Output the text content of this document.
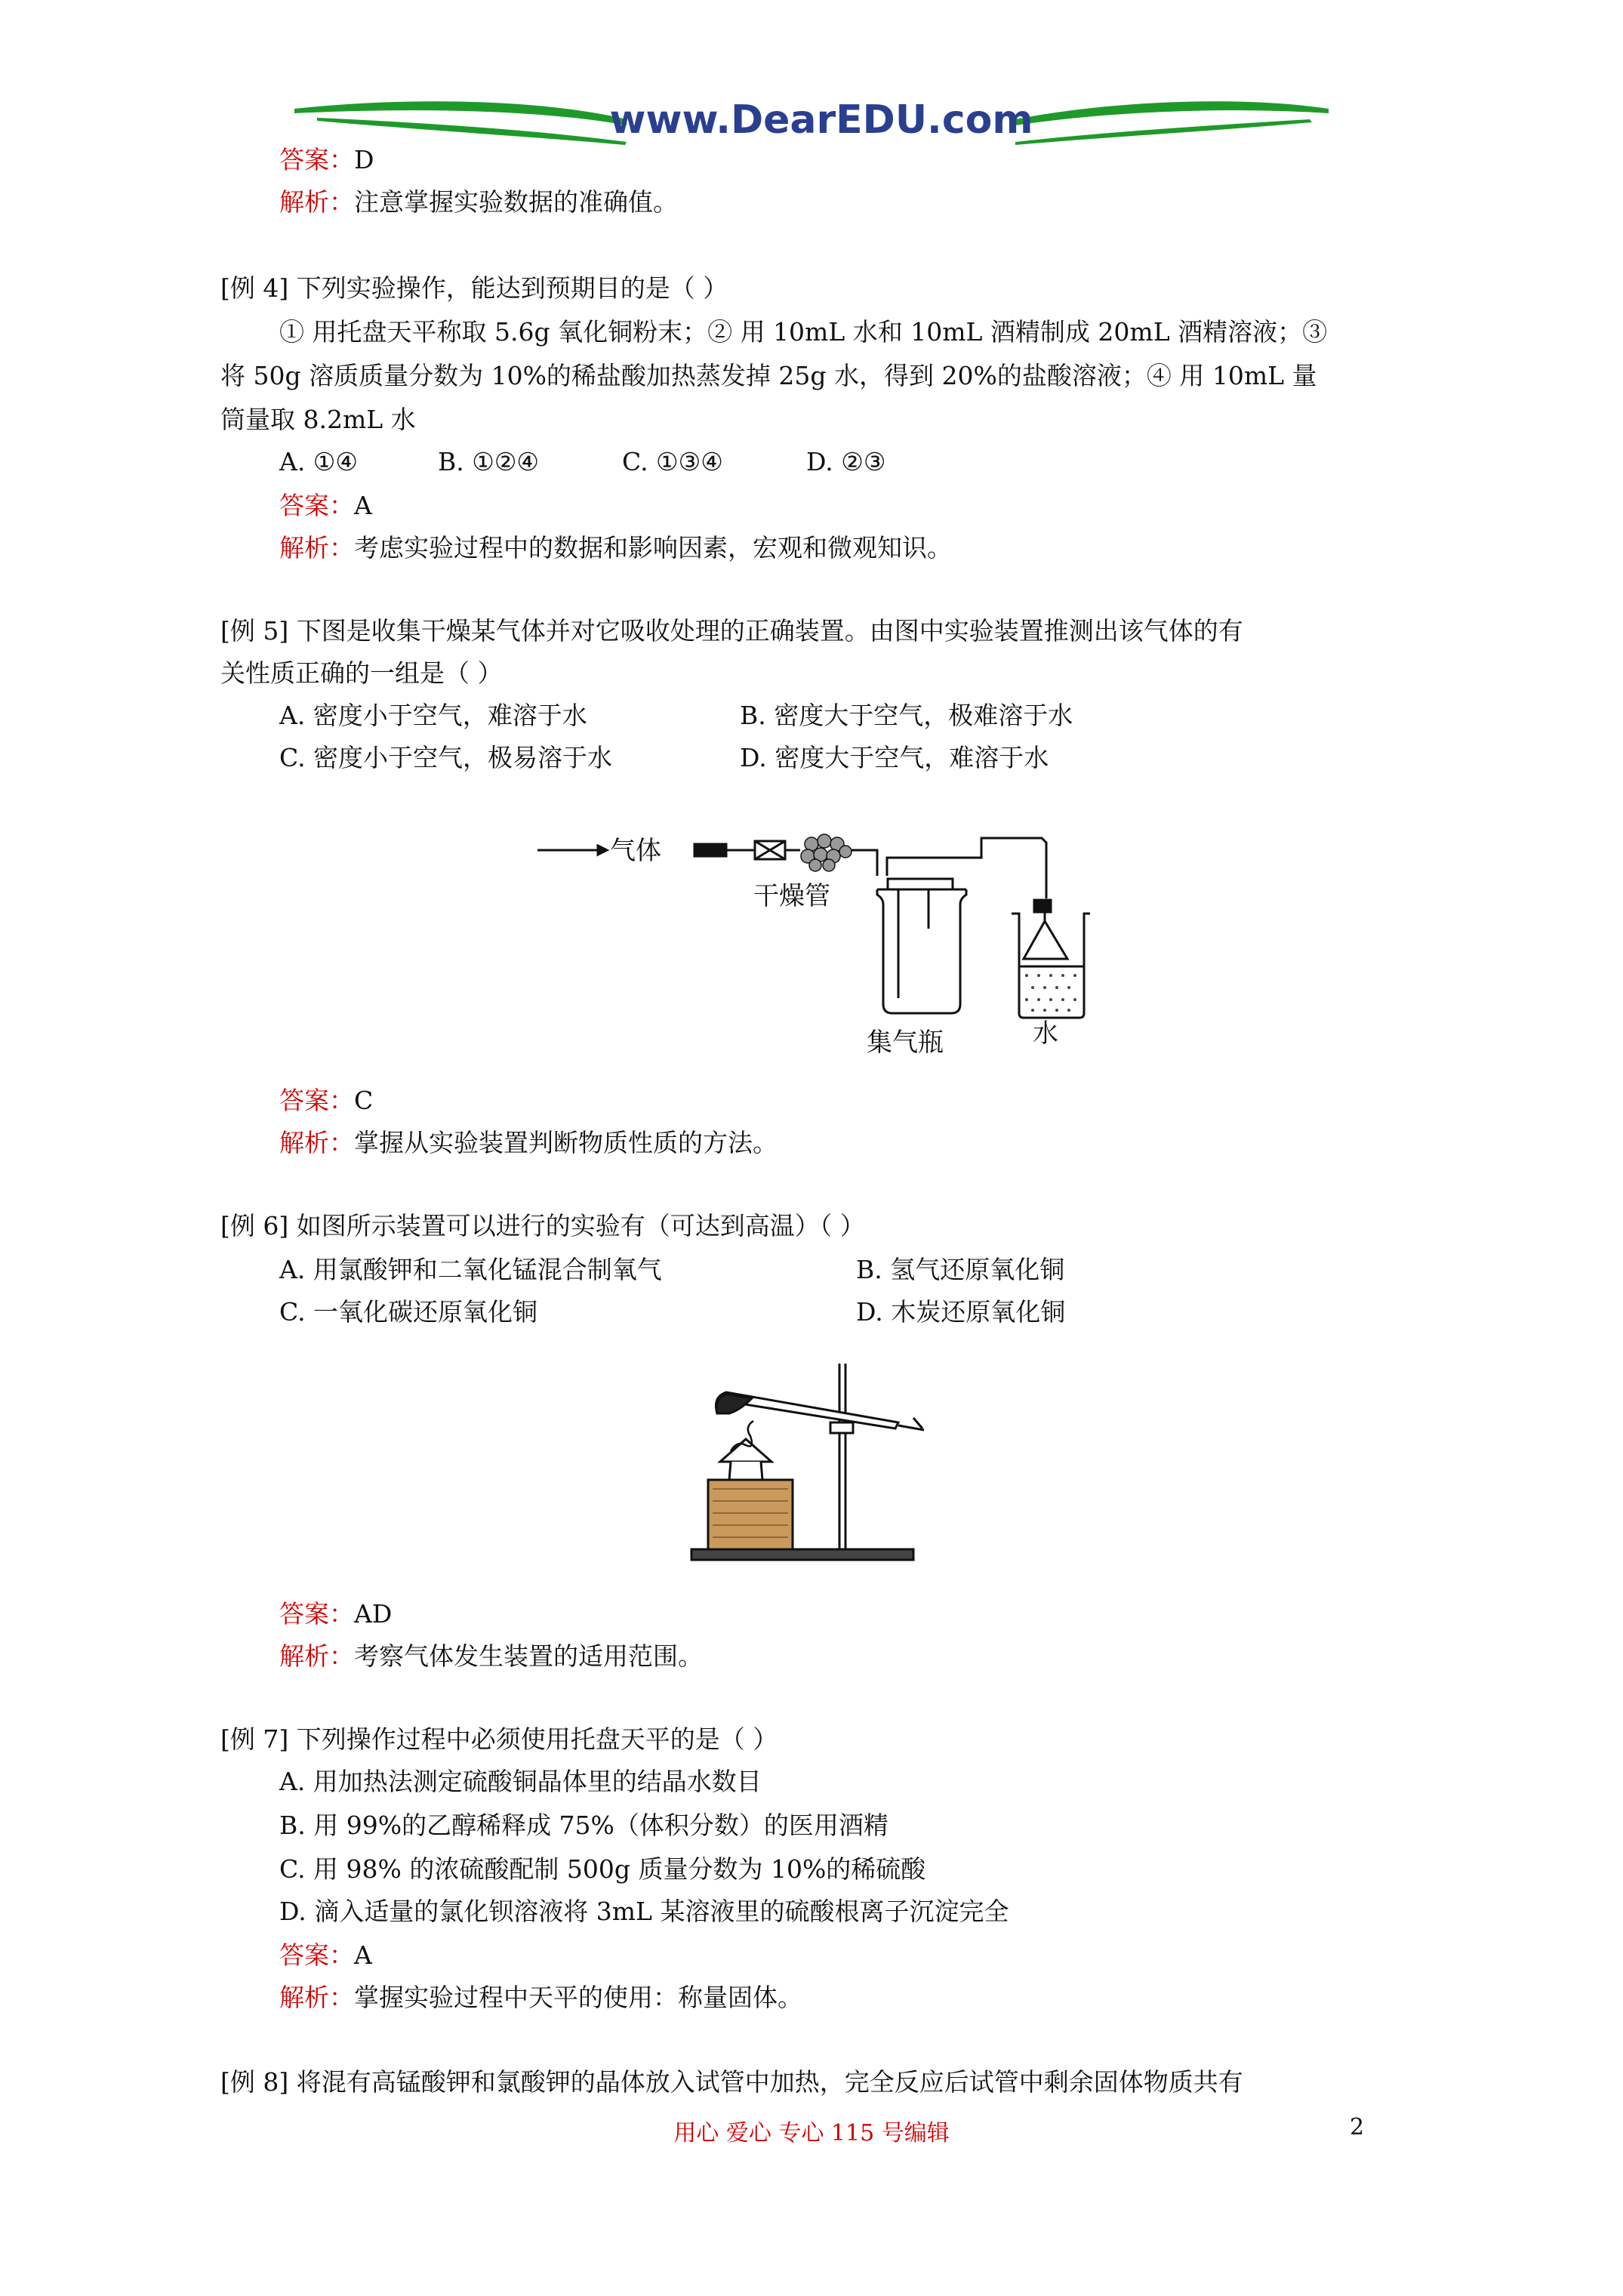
www.DearEDU.com
答案：D
解析：注意掌握实验数据的准确值。
[例 4] 下列实验操作，能达到预期目的是（ ）
① 用托盘天平称取 5.6g 氧化铜粉末；② 用 10mL 水和 10mL 酒精制成 20mL 酒精溶液；③
将 50g 溶质质量分数为 10%的稀盐酸加热蒸发掉 25g 水，得到 20%的盐酸溶液；④ 用 10mL 量
筒量取 8.2mL 水
A. ①④	B. ①②④	C. ①③④	D. ②③
答案：A
解析：考虑实验过程中的数据和影响因素，宏观和微观知识。
[例 5] 下图是收集干燥某气体并对它吸收处理的正确装置。由图中实验装置推测出该气体的有
关性质正确的一组是（ ）
A. 密度小于空气，难溶于水	B. 密度大于空气，极难溶于水
C. 密度小于空气，极易溶于水	D. 密度大于空气，难溶于水
气体
干燥管
集气瓶	水
答案：C
解析：掌握从实验装置判断物质性质的方法。
[例 6] 如图所示装置可以进行的实验有（可达到高温）（ ）
A. 用氯酸钾和二氧化锰混合制氧气	B. 氢气还原氧化铜
C. 一氧化碳还原氧化铜	D. 木炭还原氧化铜
答案：AD
解析：考察气体发生装置的适用范围。
[例 7] 下列操作过程中必须使用托盘天平的是（ ）
A. 用加热法测定硫酸铜晶体里的结晶水数目
B. 用 99%的乙醇稀释成 75%（体积分数）的医用酒精
C. 用 98% 的浓硫酸配制 500g 质量分数为 10%的稀硫酸
D. 滴入适量的氯化钡溶液将 3mL 某溶液里的硫酸根离子沉淀完全
答案：A
解析：掌握实验过程中天平的使用：称量固体。
[例 8] 将混有高锰酸钾和氯酸钾的晶体放入试管中加热，完全反应后试管中剩余固体物质共有
用心 爱心 专心 115 号编辑	2
